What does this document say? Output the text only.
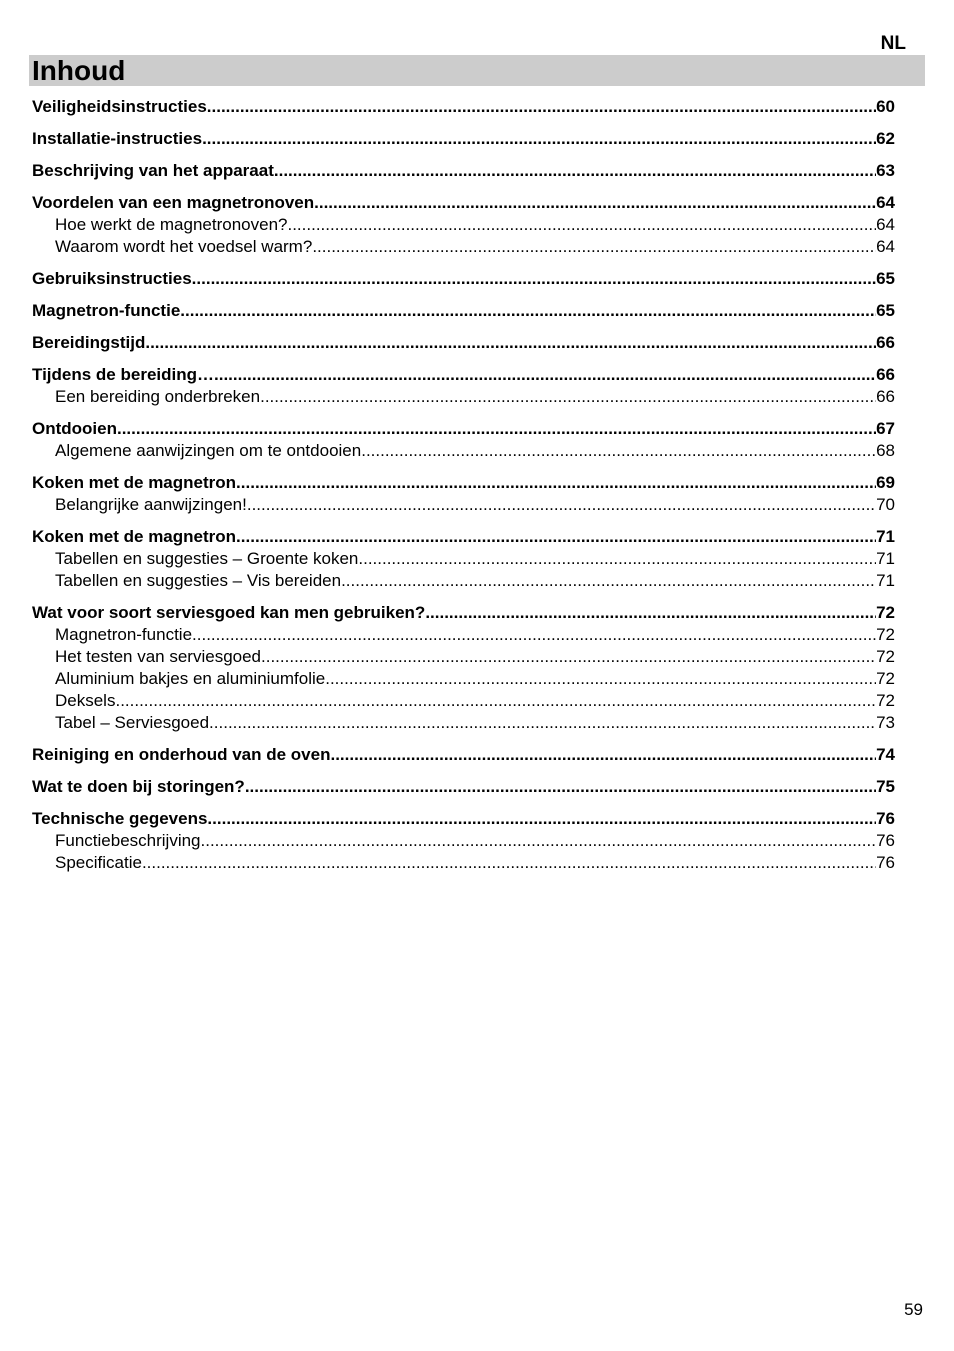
NL
Inhoud
Veiligheidsinstructies .....	60
Installatie-instructies .....	62
Beschrijving van het apparaat .....	63
Voordelen van een magnetronoven .....	64
Hoe werkt de magnetronoven? .....	64
Waarom wordt het voedsel warm? .....	64
Gebruiksinstructies .....	65
Magnetron-functie .....	65
Bereidingstijd .....	66
Tijdens de bereiding… .....	66
Een bereiding onderbreken .....	66
Ontdooien .....	67
Algemene aanwijzingen om te ontdooien .....	68
Koken met de magnetron .....	69
Belangrijke aanwijzingen! .....	70
Koken met de magnetron .....	71
Tabellen en suggesties – Groente koken .....	71
Tabellen en suggesties – Vis bereiden .....	71
Wat voor soort serviesgoed kan men gebruiken? .....	72
Magnetron-functie .....	72
Het testen van serviesgoed .....	72
Aluminium bakjes en aluminiumfolie .....	72
Deksels .....	72
Tabel – Serviesgoed .....	73
Reiniging en onderhoud van de oven .....	74
Wat te doen bij storingen? .....	75
Technische gegevens .....	76
Functiebeschrijving .....	76
Specificatie .....	76
59
